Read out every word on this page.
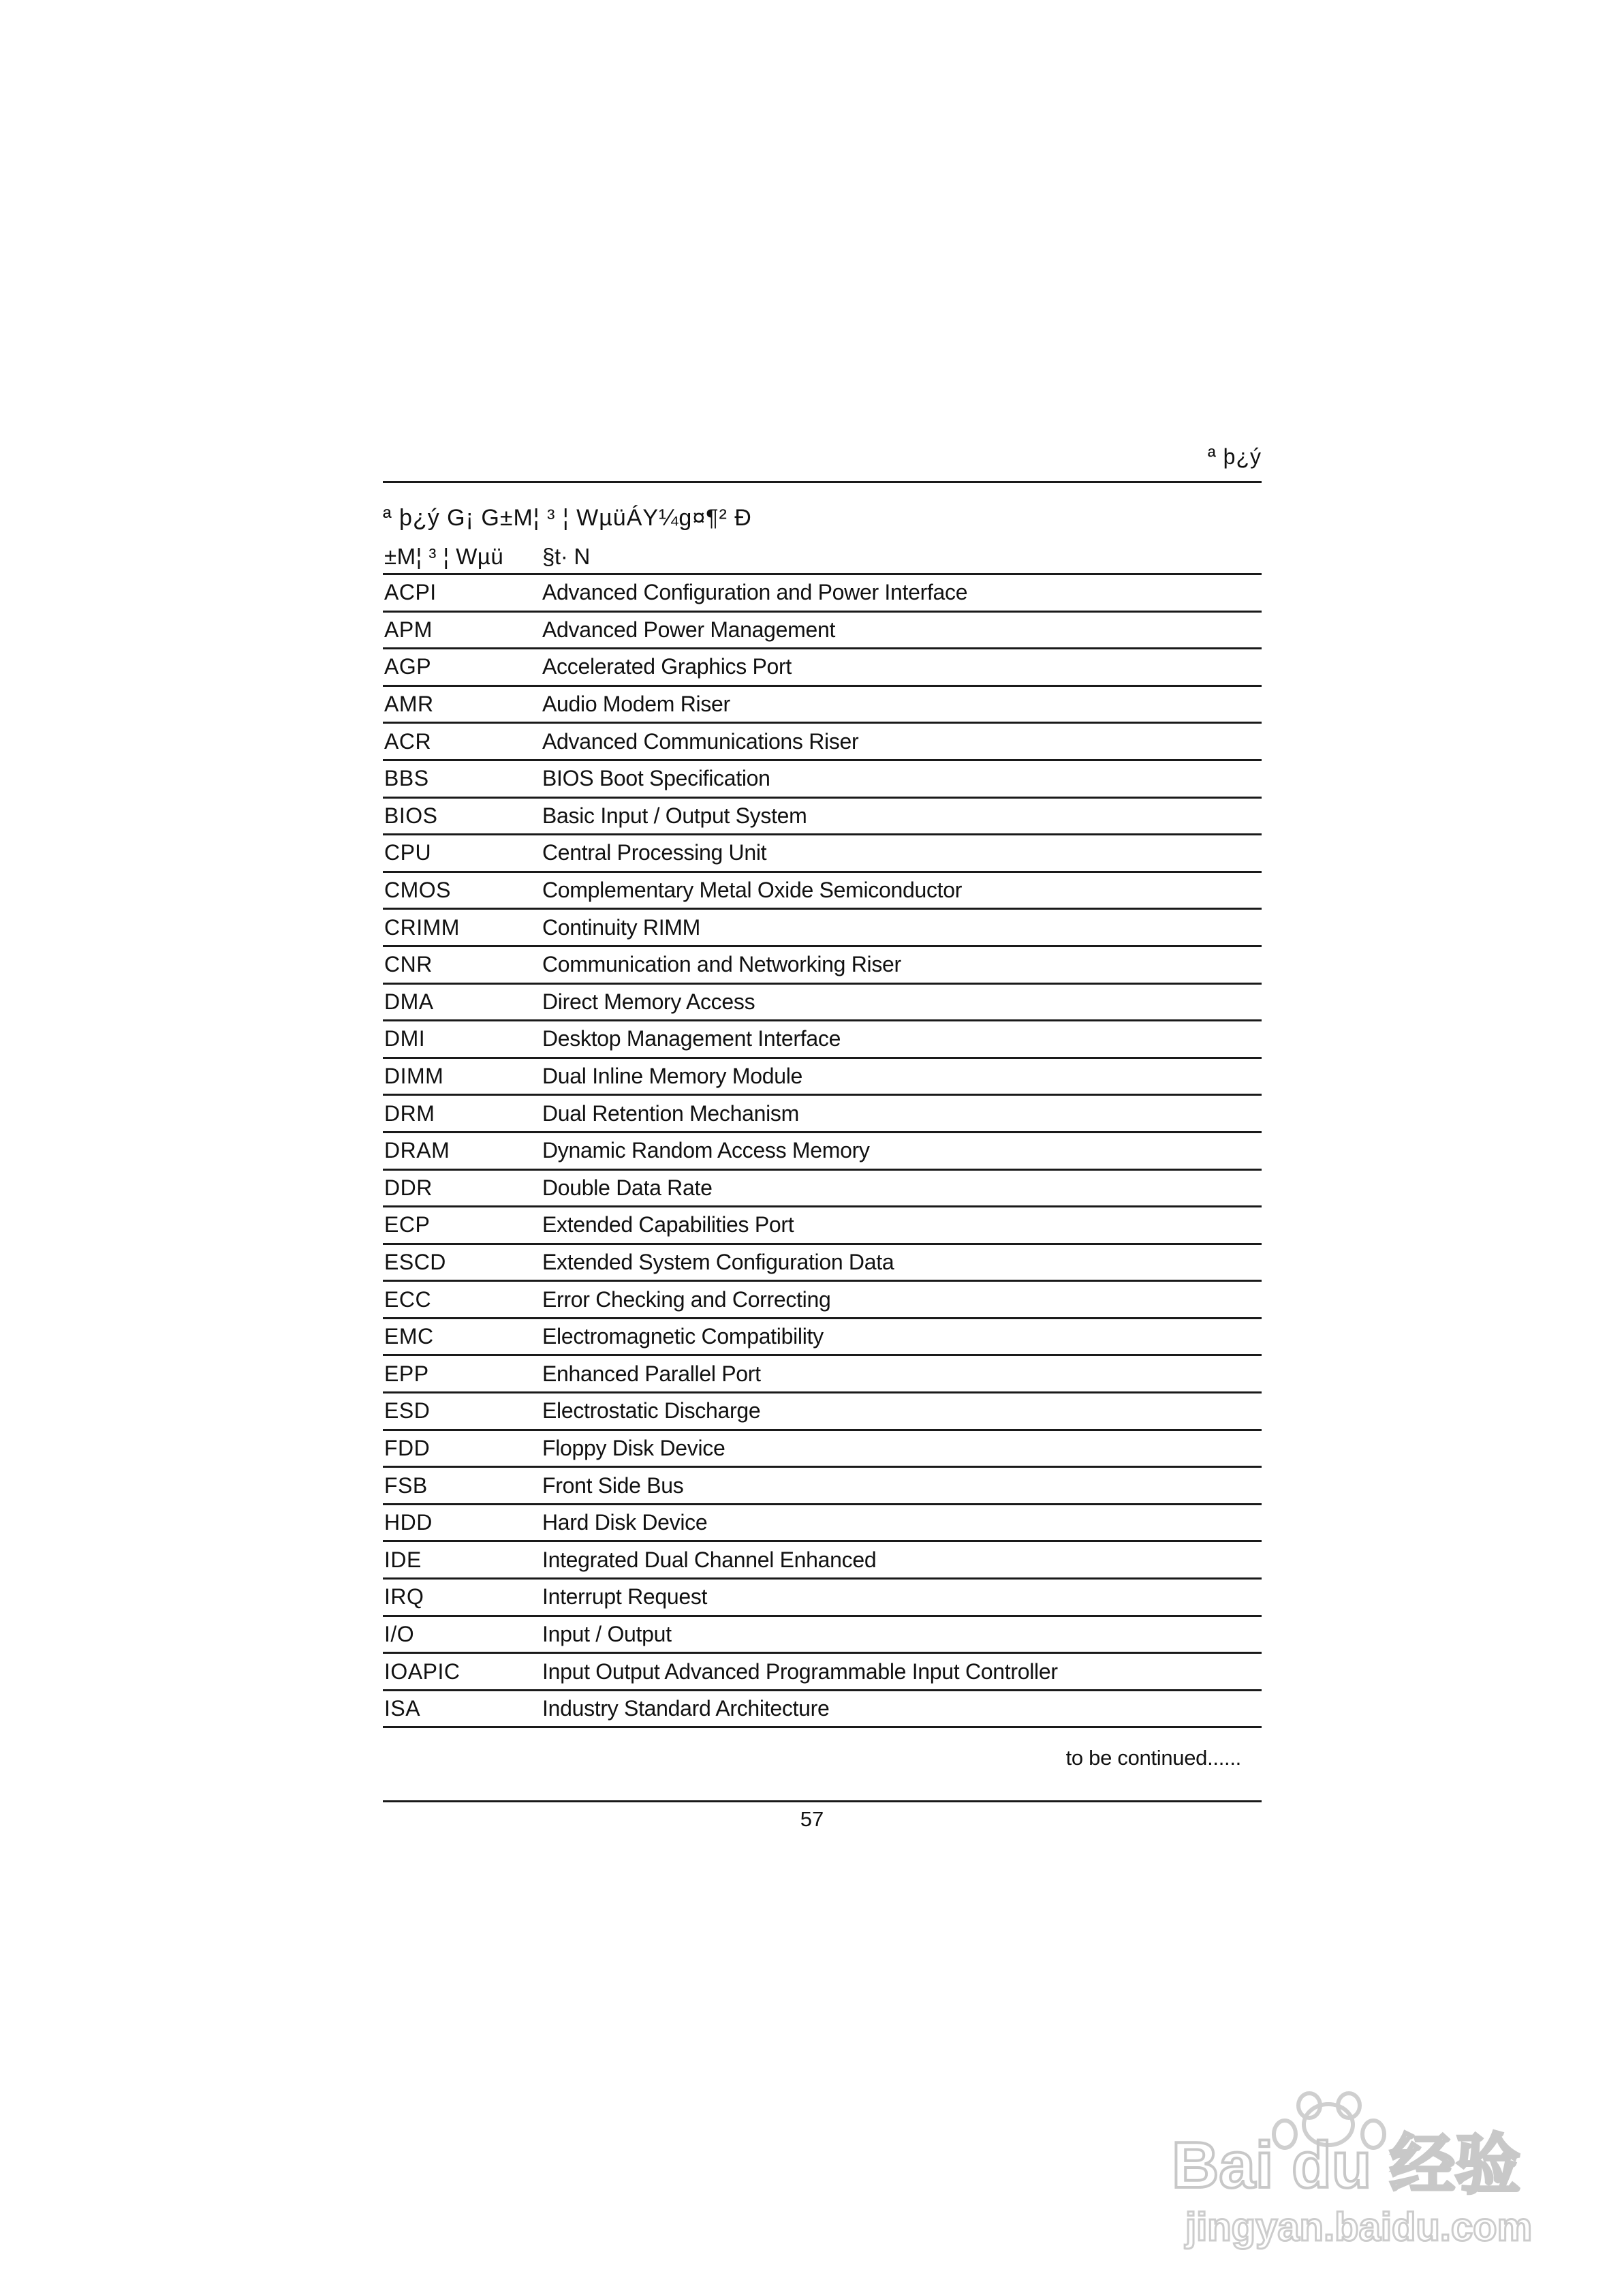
ª þ¿ý
ª þ¿ý G¡ G±M¦ ³ ¦ WµüÁY¼g¤¶² Ð
±M¦ ³ ¦ Wµü	§t· N
ACPI	Advanced Configuration and Power Interface
APM	Advanced Power Management
AGP	Accelerated Graphics Port
AMR	Audio Modem Riser
ACR	Advanced Communications Riser
BBS	BIOS Boot Specification
BIOS	Basic Input / Output System
CPU	Central Processing Unit
CMOS	Complementary Metal Oxide Semiconductor
CRIMM	Continuity RIMM
CNR	Communication and Networking Riser
DMA	Direct Memory Access
DMI	Desktop Management Interface
DIMM	Dual Inline Memory Module
DRM	Dual Retention Mechanism
DRAM	Dynamic Random Access Memory
DDR	Double Data Rate
ECP	Extended Capabilities Port
ESCD	Extended System Configuration Data
ECC	Error Checking and Correcting
EMC	Electromagnetic Compatibility
EPP	Enhanced Parallel Port
ESD	Electrostatic Discharge
FDD	Floppy Disk Device
FSB	Front Side Bus
HDD	Hard Disk Device
IDE	Integrated Dual Channel Enhanced
IRQ	Interrupt Request
I/O	Input / Output
IOAPIC	Input Output Advanced Programmable Input Controller
ISA	Industry Standard Architecture
to be continued......
57
Bai du 经验
jingyan.baidu.com
